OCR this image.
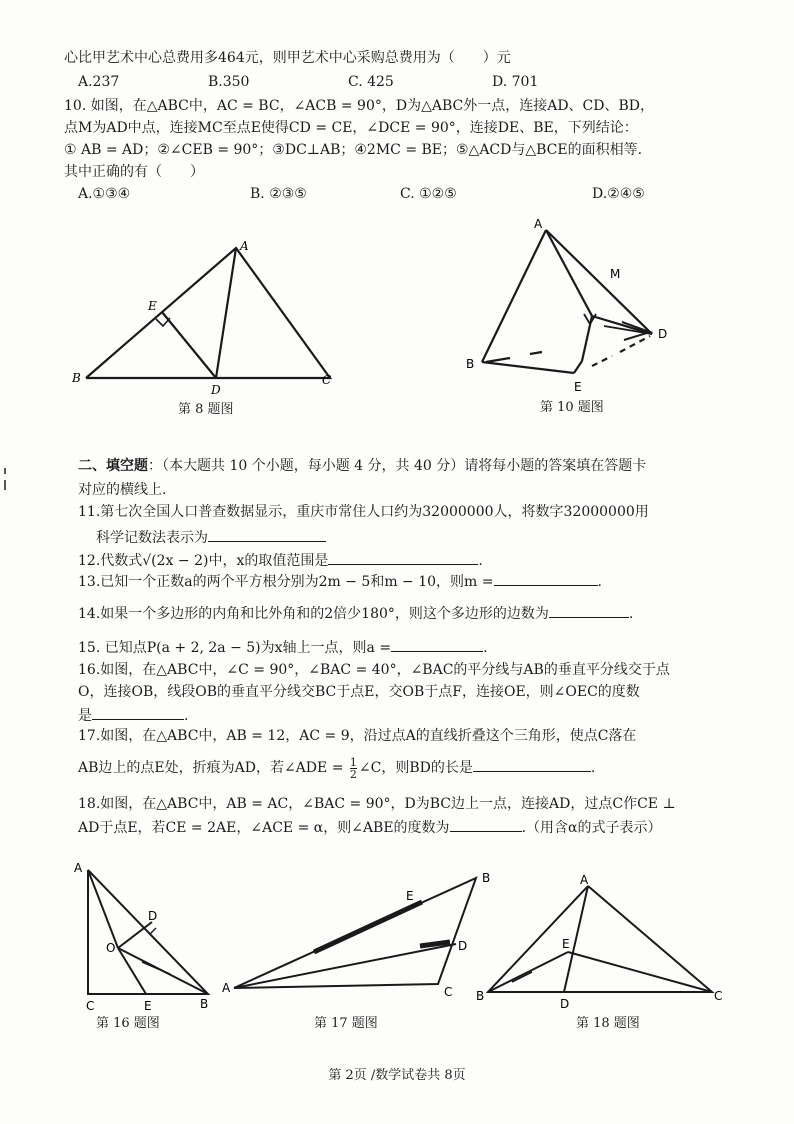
心比甲艺术中心总费用多464元，则甲艺术中心采购总费用为（　　）元
A.237	B.350	C. 425	D. 701
10. 如图，在△ABC中，AC = BC，∠ACB = 90°，D为△ABC外一点，连接AD、CD、BD，
点M为AD中点，连接MC至点E使得CD = CE，∠DCE = 90°，连接DE、BE，下列结论：
① AB = AD；②∠CEB = 90°；③DC⊥AB；④2MC = BE；⑤△ACD与△BCE的面积相等.
其中正确的有（　　）
A.①③④	B. ②③⑤	C. ①②⑤	D.②④⑤
A
B	C
D
E
第 8 题图
A
B
D
E
M
第 10 题图
二、填空题：（本大题共 10 个小题，每小题 4 分，共 40 分）请将每小题的答案填在答题卡
对应的横线上.
11.第七次全国人口普查数据显示，重庆市常住人口约为32000000人，将数字32000000用
科学记数法表示为
12.代数式√(2x − 2)中，x的取值范围是	.
13.已知一个正数a的两个平方根分别为2m − 5和m − 10，则m =	.
14.如果一个多边形的内角和比外角和的2倍少180°，则这个多边形的边数为	.
15. 已知点P(a + 2, 2a − 5)为x轴上一点，则a =	.
16.如图，在△ABC中，∠C = 90°，∠BAC = 40°，∠BAC的平分线与AB的垂直平分线交于点
O，连接OB，线段OB的垂直平分线交BC于点E，交OB于点F，连接OE，则∠OEC的度数
是	.
17.如图，在△ABC中，AB = 12，AC = 9，沿过点A的直线折叠这个三角形，使点C落在
AB边上的点E处，折痕为AD，若∠ADE = $\frac{1}{2}$ ∠C，则BD的长是	.
18.如图，在△ABC中，AB = AC，∠BAC = 90°，D为BC边上一点，连接AD，过点C作CE ⊥
AD于点E，若CE = 2AE，∠ACE = α，则∠ABE的度数为	.（用含α的式子表示）
A
C	E	B
D
O
第 16 题图
A
B
C
D
E
第 17 题图
A
B	C
D
E
第 18 题图
第 2页 /数学试卷共 8页
